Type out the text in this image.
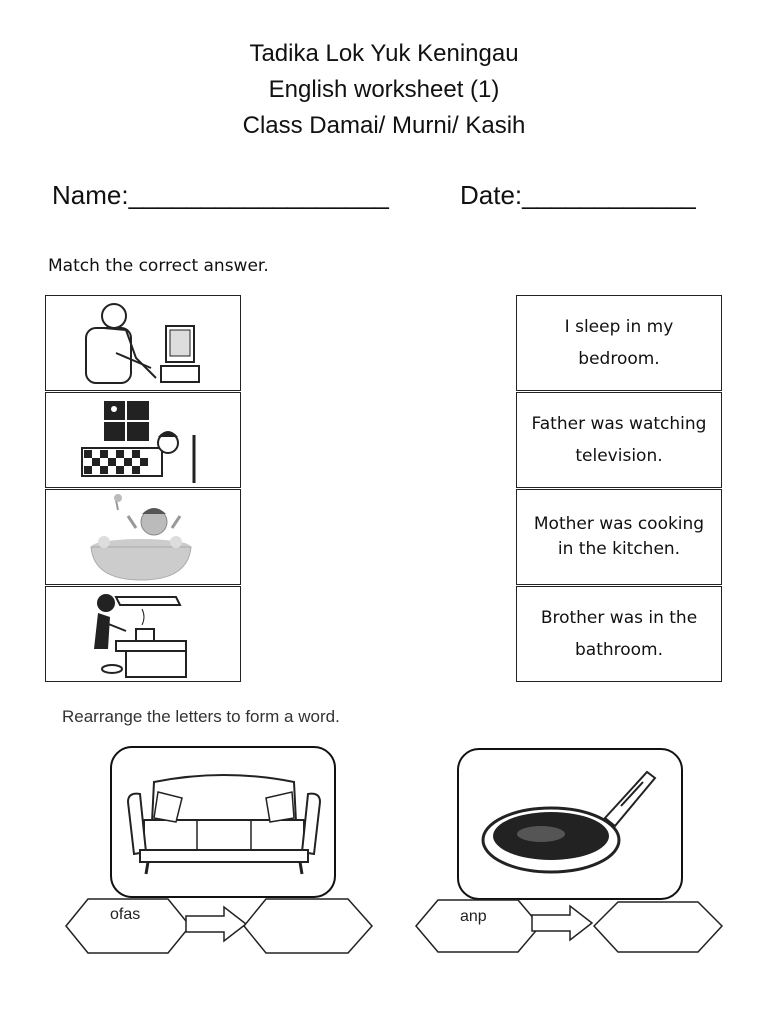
Tadika Lok Yuk Keningau
English worksheet (1)
Class Damai/ Murni/ Kasih
Name:__________________	Date:____________
Match the correct answer.
I sleep in my bedroom.
Father was watching television.
Mother was cooking in the kitchen.
Brother was in the bathroom.
Rearrange the letters to form a word.
ofas	anp
